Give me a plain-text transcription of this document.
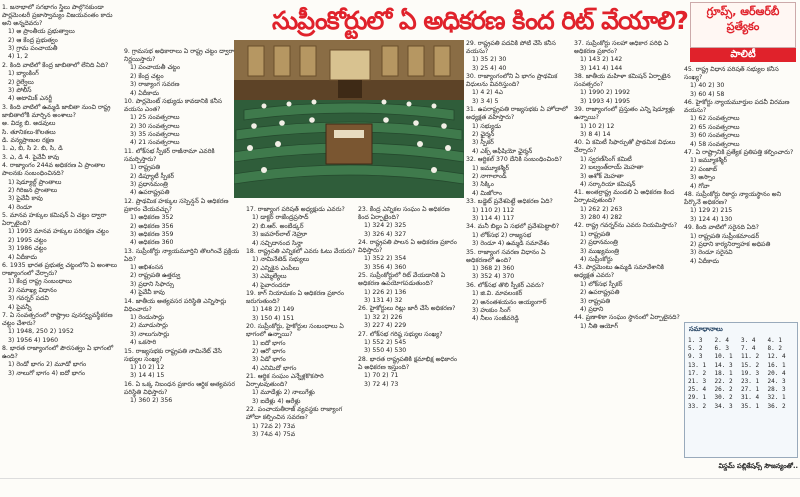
సుప్రీంకోర్టులో ఏ అధికరణ కింద రిట్ వేయాలి?	గ్రూప్స్, ఆర్‌ఆర్‌బీ
ప్రత్యేకం
పాలిటీ

1. జనాభాలో సగభాగం స్త్రీలు పాల్గొనకుండా పార్లమెంటరీ ప్రజాస్వామ్యం విజయవంతం కాదు అని అన్నదెవరు?

1) అ ప్రాంతీయ ప్రభుత్వాలు

2) ఆ కేంద్ర ప్రభుత్వం

3) గ్రామ పంచాయతీ

4) 1, 2

2. కింది వాటిలో కేంద్ర జాబితాలో లేనిది ఏది?

1) బ్యాంకింగ్

2) రైల్వేలు

3) పోలీస్

4) అటామిక్ ఎనర్జీ

3. కింది వాటిలో ఉమ్మడి జాబితా నుంచి రాష్ట్ర జాబితాలోకి మార్చిన అంశాలు?

అ. విద్య బి. అడవులు

సి. తూనికలు-కొలతలు

డి. వన్యప్రాణుల రక్షణ

1. ఎ, బి, సి 2. బి, సి, డి

3. ఎ, డి 4. పైవేవీ కావు

4. రాజ్యాంగం 244వ అధికరణ ఏ ప్రాంతాల పాలనకు సంబంధించినది?

1) షెడ్యూల్డ్ ప్రాంతాలు

2) గిరిజన ప్రాంతాలు

3) పైవేవీ కావు

4) రెండూ

5. మానవ హక్కుల కమిషన్ ఏ చట్టం ద్వారా ఏర్పాటైంది?

1) 1993 మానవ హక్కుల పరిరక్షణ చట్టం

2) 1995 చట్టం

3) 1986 చట్టం

4) ఏదీకాదు

6. 1935 భారత ప్రభుత్వ చట్టంలోని ఏ అంశాలు రాజ్యాంగంలో చేర్చారు?

1) కేంద్ర రాష్ట్ర సంబంధాలు

2) సమాఖ్య విధానం

3) గవర్నర్ పదవి

4) పైవన్నీ

7. ఏ సంవత్సరంలో రాష్ట్రాల పునర్వ్యవస్థీకరణ చట్టం చేశారు?

1) 1948, 250 2) 1952

3) 1956 4) 1960

8. భారత రాజ్యాంగంలో పౌరసత్వం ఏ భాగంలో ఉంది?

1) రెండో భాగం 2) మూడో భాగం

3) నాలుగో భాగం 4) ఐదో భాగం

9. గ్రామసభ అధికారాలు ఏ రాష్ట్ర చట్టం ద్వారా నిర్ణయిస్తారు?

1) పంచాయతీ చట్టం

2) కేంద్ర చట్టం

3) రాజ్యాంగ సవరణ

4) ఏదీకాదు

10. పార్లమెంట్ సభ్యుడు కావడానికి కనీస వయసు ఎంత?

1) 25 సంవత్సరాలు

2) 30 సంవత్సరాలు

3) 35 సంవత్సరాలు

4) 21 సంవత్సరాలు

11. లోక్‌సభ స్పీకర్ రాజీనామా ఎవరికి సమర్పిస్తారు?

1) రాష్ట్రపతి

2) డిప్యూటీ స్పీకర్

3) ప్రధానమంత్రి

4) ఉపరాష్ట్రపతి

12. ప్రాథమిక హక్కుల సస్పెన్షన్ ఏ అధికరణ ప్రకారం చేయవచ్చు?

1) అధికరణ 352

2) అధికరణ 356

3) అధికరణ 359

4) అధికరణ 360

13. సుప్రీంకోర్టు న్యాయమూర్తిని తొలగించే ప్రక్రియ ఏది?

1) అభిశంసన

2) రాష్ట్రపతి ఉత్తర్వు

3) ప్రధాని సిఫార్సు

4) పైవేవీ కావు

14. జాతీయ అత్యవసర పరిస్థితి ఎన్నిసార్లు విధించారు?

1) రెండుసార్లు

2) మూడుసార్లు

3) నాలుగుసార్లు

4) ఒకసారి

15. రాజ్యసభకు రాష్ట్రపతి నామినేట్ చేసే సభ్యుల సంఖ్య?

1) 10 2) 12

3) 14 4) 15

16. ఏ ఒక్క నిబంధన ప్రకారం ఆర్థిక అత్యవసర పరిస్థితి విధిస్తారు?

1) 360 2) 356

17. రాజ్యాంగ పరిషత్ అధ్యక్షుడు ఎవరు?

1) డాక్టర్ రాజేంద్రప్రసాద్

2) బి.ఆర్. అంబేడ్కర్

3) జవహర్‌లాల్ నెహ్రూ

4) సచ్చిదానంద సిన్హా

18. రాష్ట్రపతి ఎన్నికలో ఎవరు ఓటు వేయరు?

1) నామినేటెడ్ సభ్యులు

2) ఎన్నికైన ఎంపీలు

3) ఎమ్మెల్యేలు

4) పైవారందరూ

19. కాగ్ నియామకం ఏ అధికరణ ప్రకారం జరుగుతుంది?

1) 148 2) 149

3) 150 4) 151

20. సుప్రీంకోర్టు, హైకోర్టుల సంబంధాలు ఏ భాగంలో ఉన్నాయి?

1) ఐదో భాగం

2) ఆరో భాగం

3) ఏడో భాగం

4) ఎనిమిదో భాగం

21. ఆర్థిక సంఘం ఎన్నేళ్లకొకసారి ఏర్పాటవుతుంది?

1) మూడేళ్లు 2) నాలుగేళ్లు

3) ఐదేళ్లు 4) ఆరేళ్లు

22. పంచాయతీరాజ్ వ్యవస్థకు రాజ్యాంగ హోదా కల్పించిన సవరణ?

1) 72వ 2) 73వ

3) 74వ 4) 75వ

23. కేంద్ర ఎన్నికల సంఘం ఏ అధికరణ కింద ఏర్పాటైంది?

1) 324 2) 325

3) 326 4) 327

24. రాష్ట్రపతి పాలన ఏ అధికరణ ప్రకారం విధిస్తారు?

1) 352 2) 354

3) 356 4) 360

25. సుప్రీంకోర్టులో రిట్ వేయడానికి ఏ అధికరణ ఉపయోగపడుతుంది?

1) 226 2) 136

3) 131 4) 32

26. హైకోర్టులు రిట్లు జారీ చేసే అధికరణ?

1) 32 2) 226

3) 227 4) 229

27. లోక్‌సభ గరిష్ఠ సభ్యుల సంఖ్య?

1) 552 2) 545

3) 550 4) 530

28. భారత రాష్ట్రపతికి క్షమాభిక్ష అధికారం ఏ అధికరణ ఇస్తుంది?

1) 70 2) 71

3) 72 4) 73

29. రాష్ట్రపతి పదవికి పోటీ చేసే కనీస వయసు?

1) 35 2) 30

3) 25 4) 40

30. రాజ్యాంగంలోని ఏ భాగం ప్రాథమిక విధులను వివరిస్తుంది?

1) 4 2) 4ఎ

3) 3 4) 5

31. ఉపరాష్ట్రపతి రాజ్యసభకు ఏ హోదాలో అధ్యక్షత వహిస్తారు?

1) సభ్యుడు

2) ఛైర్మన్

3) స్పీకర్

4) ఎక్స్ అఫీషియో ఛైర్మన్

32. ఆర్టికల్ 370 దేనికి సంబంధించింది?

1) జమ్మూకశ్మీర్

2) నాగాలాండ్

3) సిక్కిం

4) మిజోరాం

33. బడ్జెట్ ప్రవేశపెట్టే అధికరణ ఏది?

1) 110 2) 112

3) 114 4) 117

34. మనీ బిల్లు ఏ సభలో ప్రవేశపెట్టాలి?

1) లోక్‌సభ 2) రాజ్యసభ

3) రెండూ 4) ఉమ్మడి సమావేశం

35. రాజ్యాంగ సవరణ విధానం ఏ అధికరణలో ఉంది?

1) 368 2) 360

3) 352 4) 370

36. లోక్‌సభ తొలి స్పీకర్ ఎవరు?

1) జి.వి. మావలంకర్

2) అనంతశయనం అయ్యంగార్

3) హుకుం సింగ్

4) నీలం సంజీవరెడ్డి

37. సుప్రీంకోర్టు సలహా అధికార పరిధి ఏ అధికరణ ప్రకారం?

1) 143 2) 142

3) 141 4) 144

38. జాతీయ మహిళా కమిషన్ ఏర్పాటైన సంవత్సరం?

1) 1990 2) 1992

3) 1993 4) 1995

39. రాజ్యాంగంలో ప్రస్తుతం ఎన్ని షెడ్యూళ్లు ఉన్నాయి?

1) 10 2) 12

3) 8 4) 14

40. ఏ కమిటీ సిఫార్సుతో ప్రాథమిక విధులు చేర్చారు?

1) స్వరణ్‌సింగ్ కమిటీ

2) బల్వంత్‌రాయ్ మెహతా

3) అశోక్ మెహతా

4) సర్కారియా కమిషన్

41. అంతర్రాష్ట్ర మండలి ఏ అధికరణ కింద ఏర్పాటవుతుంది?

1) 262 2) 263

3) 280 4) 282

42. రాష్ట్ర గవర్నర్‌ను ఎవరు నియమిస్తారు?

1) రాష్ట్రపతి

2) ప్రధానమంత్రి

3) ముఖ్యమంత్రి

4) సుప్రీంకోర్టు

43. పార్లమెంటు ఉమ్మడి సమావేశానికి అధ్యక్షత ఎవరు?

1) లోక్‌సభ స్పీకర్

2) ఉపరాష్ట్రపతి

3) రాష్ట్రపతి

4) ప్రధాని

44. ప్రణాళికా సంఘం స్థానంలో ఏర్పాటైనది?

1) నీతి ఆయోగ్

45. రాష్ట్ర విధాన పరిషత్ సభ్యుల కనీస సంఖ్య?

1) 40 2) 30

3) 60 4) 58

46. హైకోర్టు న్యాయమూర్తుల పదవీ విరమణ వయసు?

1) 62 సంవత్సరాలు

2) 65 సంవత్సరాలు

3) 60 సంవత్సరాలు

4) 58 సంవత్సరాలు

47. ఏ రాష్ట్రానికి ప్రత్యేక ప్రతిపత్తి కల్పించారు?

1) జమ్మూకశ్మీర్

2) పంజాబ్

3) అస్సాం

4) గోవా

48. సుప్రీంకోర్టు రికార్డు న్యాయస్థానం అని పేర్కొనే అధికరణ?

1) 129 2) 215

3) 124 4) 130

49. కింది వాటిలో సరైనది ఏది?

1) రాష్ట్రపతి సుప్రీంకమాండర్

2) ప్రధాని కార్యనిర్వాహక అధిపతి

3) రెండూ సరైనవి

4) ఏదీకాదు

సమాధానాలు
1. 3	2. 4	3. 4	4. 1
5. 2	6. 3	7. 4	8. 2
9. 3	10. 1	11. 2	12. 4
13. 1	14. 3	15. 2	16. 1
17. 2	18. 1	19. 3	20. 4
21. 3	22. 2	23. 1	24. 3
25. 4	26. 2	27. 1	28. 3
29. 1	30. 2	31. 4	32. 1
33. 2	34. 3	35. 1	36. 2
విస్డమ్ పబ్లికేషన్స్ సౌజన్యంతో..
